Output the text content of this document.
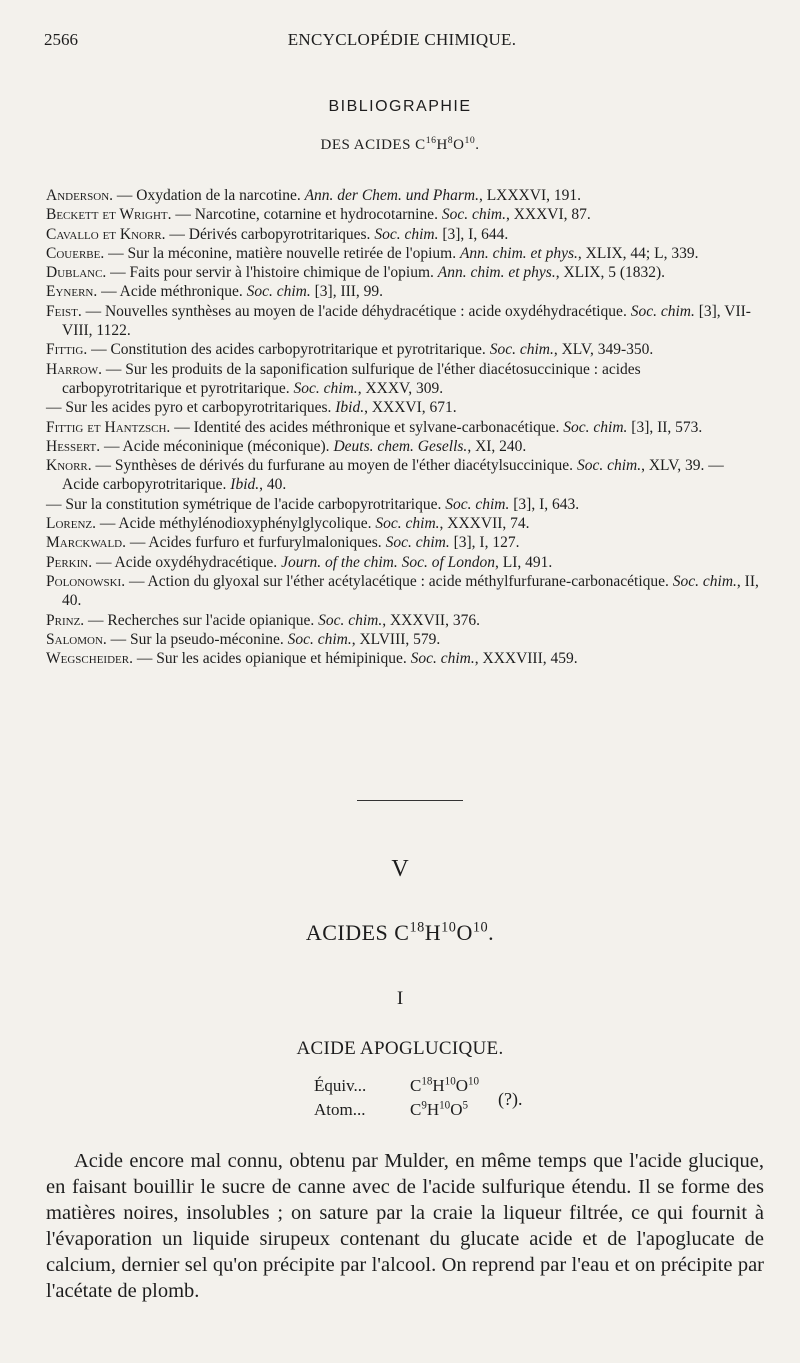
2566	ENCYCLOPÉDIE CHIMIQUE.
BIBLIOGRAPHIE
DES ACIDES $C^{16}H^8O^{10}$.

Anderson. — Oxydation de la narcotine. Ann. der Chem. und Pharm., LXXXVI, 191.

Beckett et Wright. — Narcotine, cotarnine et hydrocotarnine. Soc. chim., XXXVI, 87.

Cavallo et Knorr. — Dérivés carbopyrotritariques. Soc. chim. [3], I, 644.

Couerbe. — Sur la méconine, matière nouvelle retirée de l'opium. Ann. chim. et phys., XLIX, 44; L, 339.

Dublanc. — Faits pour servir à l'histoire chimique de l'opium. Ann. chim. et phys., XLIX, 5 (1832).

Eynern. — Acide méthronique. Soc. chim. [3], III, 99.

Feist. — Nouvelles synthèses au moyen de l'acide déhydracétique : acide oxydéhydracétique. Soc. chim. [3], VII-VIII, 1122.

Fittig. — Constitution des acides carbopyrotritarique et pyrotritarique. Soc. chim., XLV, 349-350.

Harrow. — Sur les produits de la saponification sulfurique de l'éther diacétosuccinique : acides carbopyrotritarique et pyrotritarique. Soc. chim., XXXV, 309.

— Sur les acides pyro et carbopyrotritariques. Ibid., XXXVI, 671.

Fittig et Hantzsch. — Identité des acides méthronique et sylvane-carbonacétique. Soc. chim. [3], II, 573.

Hessert. — Acide méconinique (méconique). Deuts. chem. Gesells., XI, 240.

Knorr. — Synthèses de dérivés du furfurane au moyen de l'éther diacétylsuccinique. Soc. chim., XLV, 39. — Acide carbopyrotritarique. Ibid., 40.

— Sur la constitution symétrique de l'acide carbopyrotritarique. Soc. chim. [3], I, 643.

Lorenz. — Acide méthylénodioxyphénylglycolique. Soc. chim., XXXVII, 74.

Marckwald. — Acides furfuro et furfurylmaloniques. Soc. chim. [3], I, 127.

Perkin. — Acide oxydéhydracétique. Journ. of the chim. Soc. of London, LI, 491.

Polonowski. — Action du glyoxal sur l'éther acétylacétique : acide méthylfurfurane-carbonacétique. Soc. chim., II, 40.

Prinz. — Recherches sur l'acide opianique. Soc. chim., XXXVII, 376.

Salomon. — Sur la pseudo-méconine. Soc. chim., XLVIII, 579.

Wegscheider. — Sur les acides opianique et hémipinique. Soc. chim., XXXVIII, 459.

V
ACIDES $C^{18}H^{10}O^{10}$.
I
ACIDE APOGLUCIQUE.
Équiv...	$C^{18}H^{10}O^{10}$
Atom...	$C^9H^{10}O^5$	(?).

Acide encore mal connu, obtenu par Mulder, en même temps que l'acide glucique, en faisant bouillir le sucre de canne avec de l'acide sulfurique étendu. Il se forme des matières noires, insolubles ; on sature par la craie la liqueur filtrée, ce qui fournit à l'évaporation un liquide sirupeux contenant du glucate acide et de l'apoglucate de calcium, dernier sel qu'on précipite par l'alcool. On reprend par l'eau et on précipite par l'acétate de plomb.
